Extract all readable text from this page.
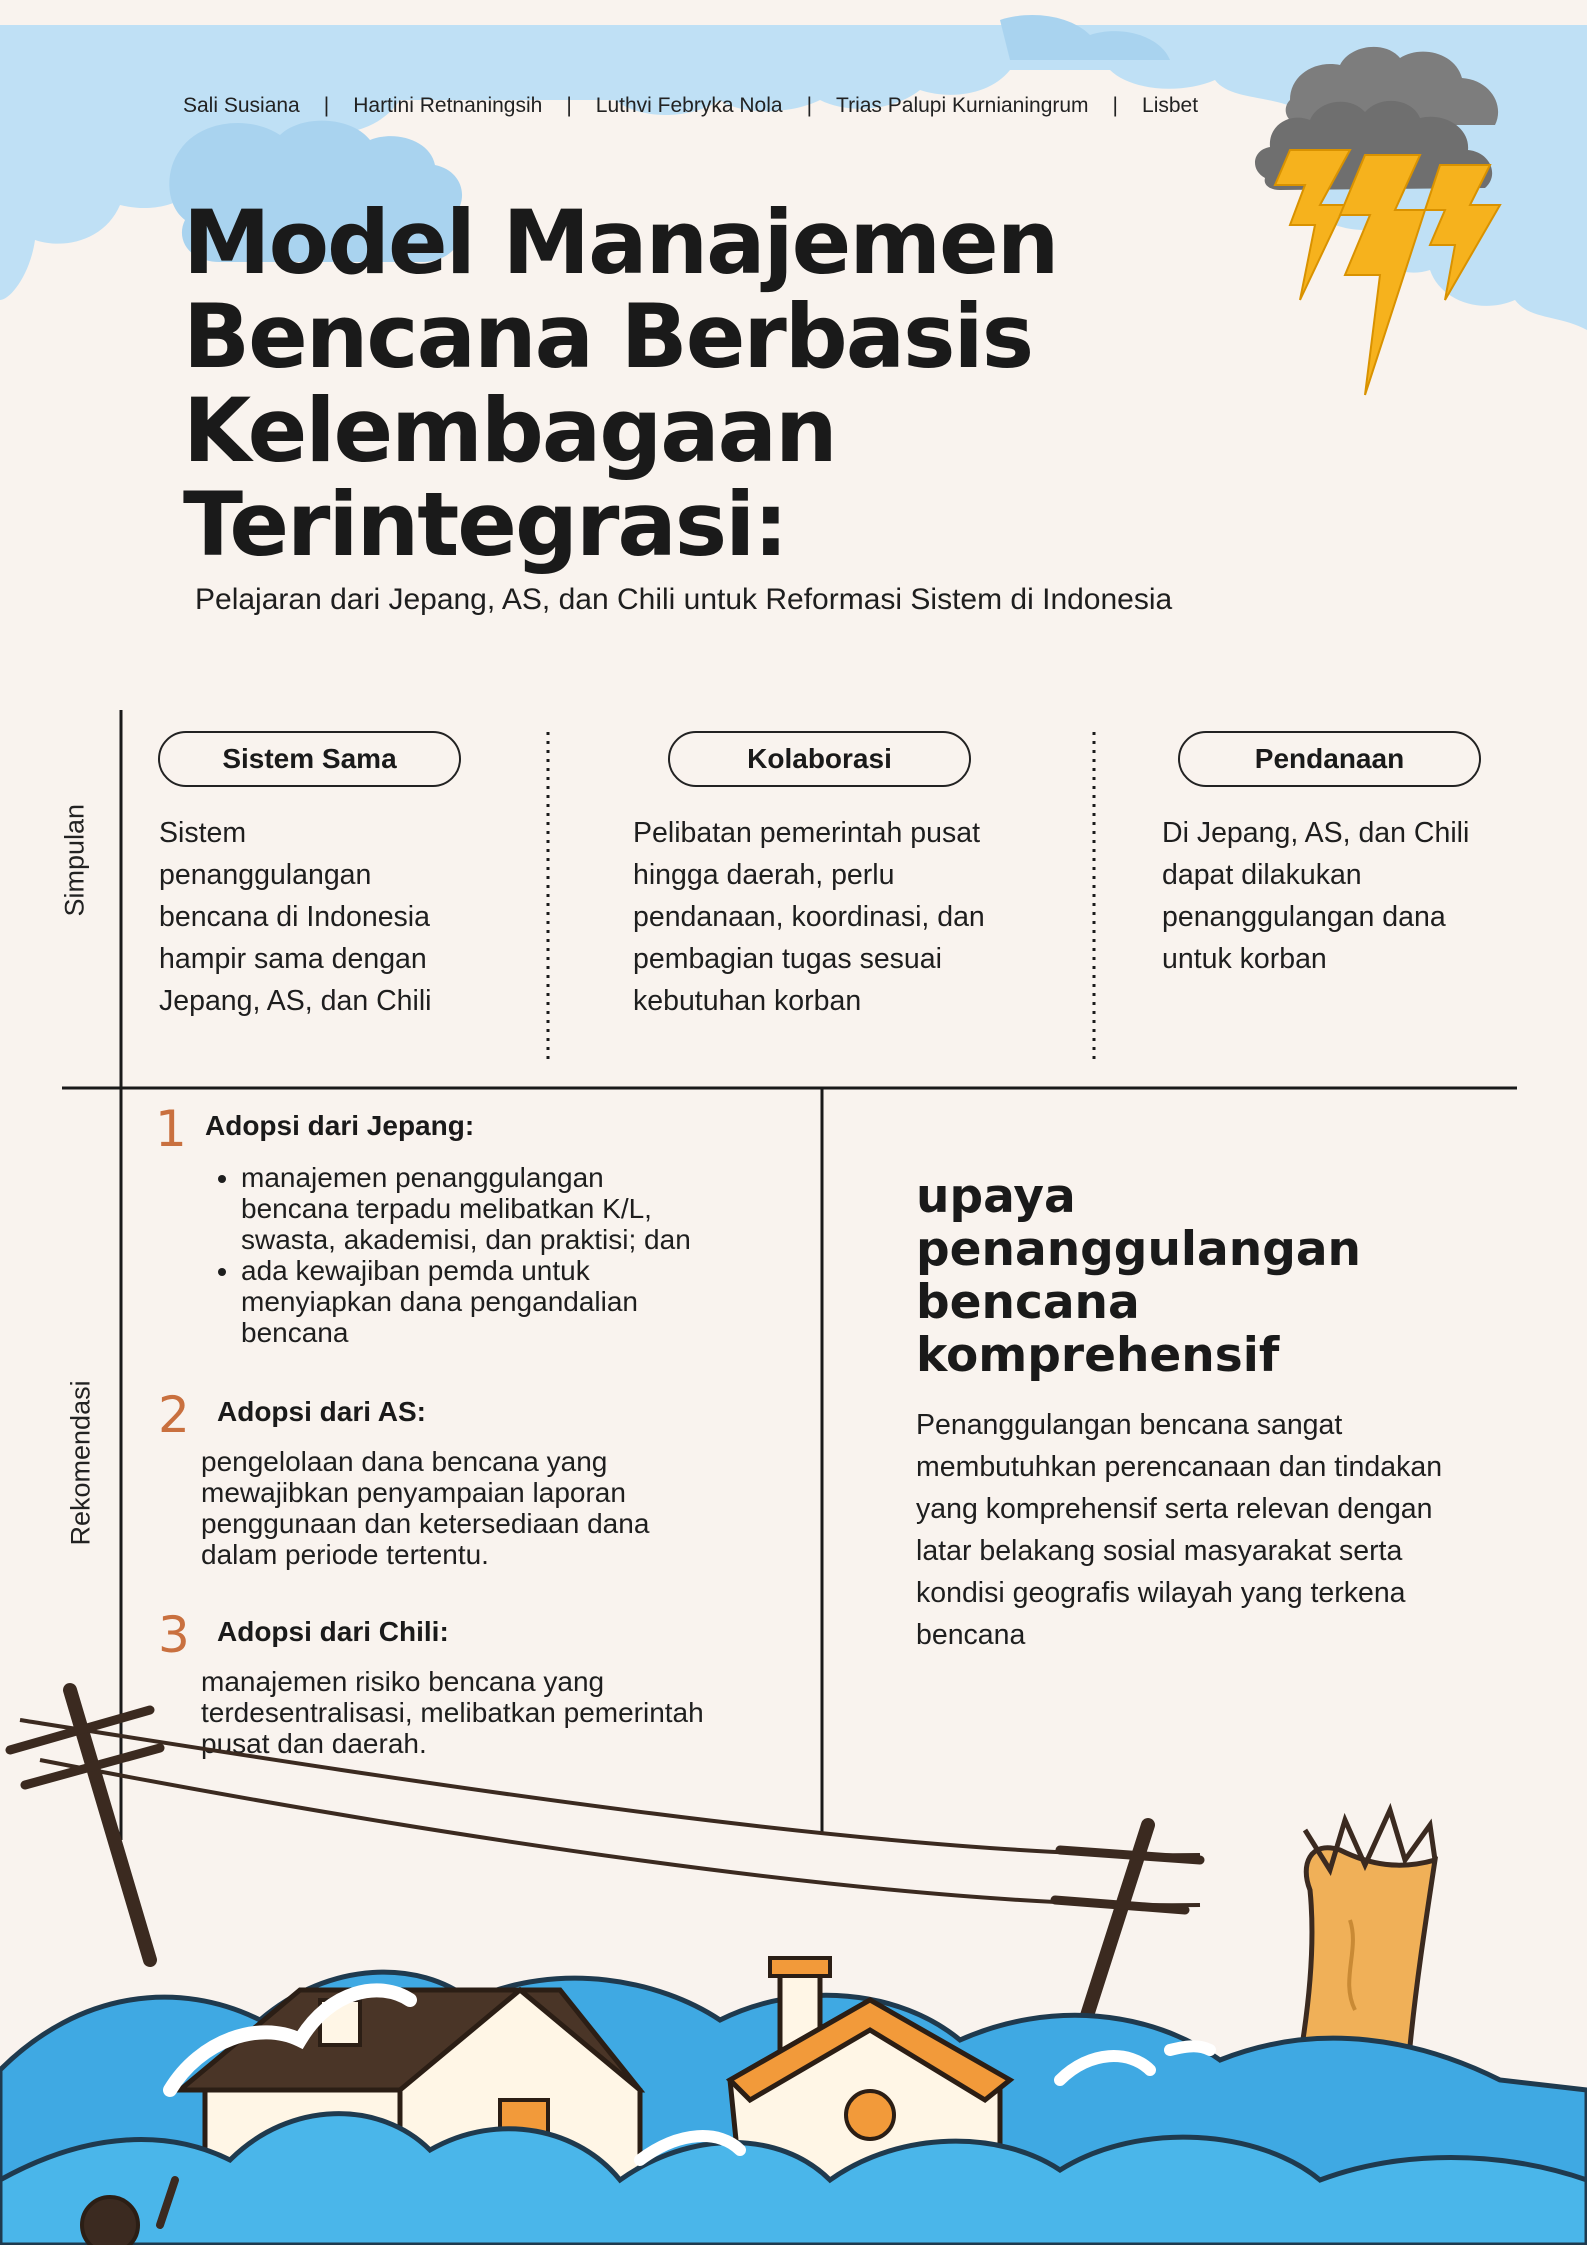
Sali Susiana | Hartini Retnaningsih | Luthvi Febryka Nola | Trias Palupi Kurnianingrum | Lisbet
Model Manajemen
Bencana Berbasis
Kelembagaan
Terintegrasi:
Pelajaran dari Jepang, AS, dan Chili untuk Reformasi Sistem di Indonesia
Simpulan
Rekomendasi
Sistem Sama
Sistem
penanggulangan
bencana di Indonesia
hampir sama dengan
Jepang, AS, dan Chili
Kolaborasi
Pelibatan pemerintah pusat
hingga daerah, perlu
pendanaan, koordinasi, dan
pembagian tugas sesuai
kebutuhan korban
Pendanaan
Di Jepang, AS, dan Chili
dapat dilakukan
penanggulangan dana
untuk korban
1 Adopsi dari Jepang:
• manajemen penanggulangan
bencana terpadu melibatkan K/L,
swasta, akademisi, dan praktisi; dan
• ada kewajiban pemda untuk
menyiapkan dana pengandalian
bencana
2 Adopsi dari AS:
pengelolaan dana bencana yang
mewajibkan penyampaian laporan
penggunaan dan ketersediaan dana
dalam periode tertentu.
3 Adopsi dari Chili:
manajemen risiko bencana yang
terdesentralisasi, melibatkan pemerintah
pusat dan daerah.
upaya
penanggulangan
bencana
komprehensif
Penanggulangan bencana sangat
membutuhkan perencanaan dan tindakan
yang komprehensif serta relevan dengan
latar belakang sosial masyarakat serta
kondisi geografis wilayah yang terkena
bencana
